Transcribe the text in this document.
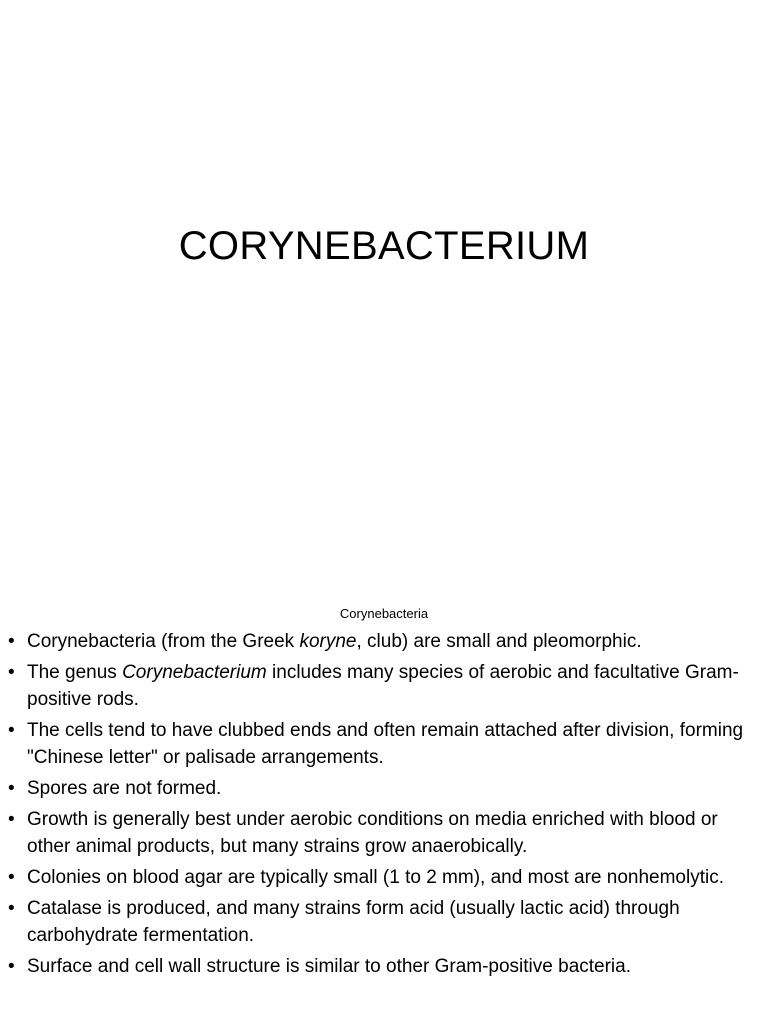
CORYNEBACTERIUM
Corynebacteria
• Corynebacteria (from the Greek koryne, club) are small and pleomorphic.
• The genus Corynebacterium includes many species of aerobic and facultative Gram-positive rods.
• The cells tend to have clubbed ends and often remain attached after division, forming "Chinese letter" or palisade arrangements.
• Spores are not formed.
• Growth is generally best under aerobic conditions on media enriched with blood or other animal products, but many strains grow anaerobically.
• Colonies on blood agar are typically small (1 to 2 mm), and most are nonhemolytic.
• Catalase is produced, and many strains form acid (usually lactic acid) through carbohydrate fermentation.
• Surface and cell wall structure is similar to other Gram-positive bacteria.
